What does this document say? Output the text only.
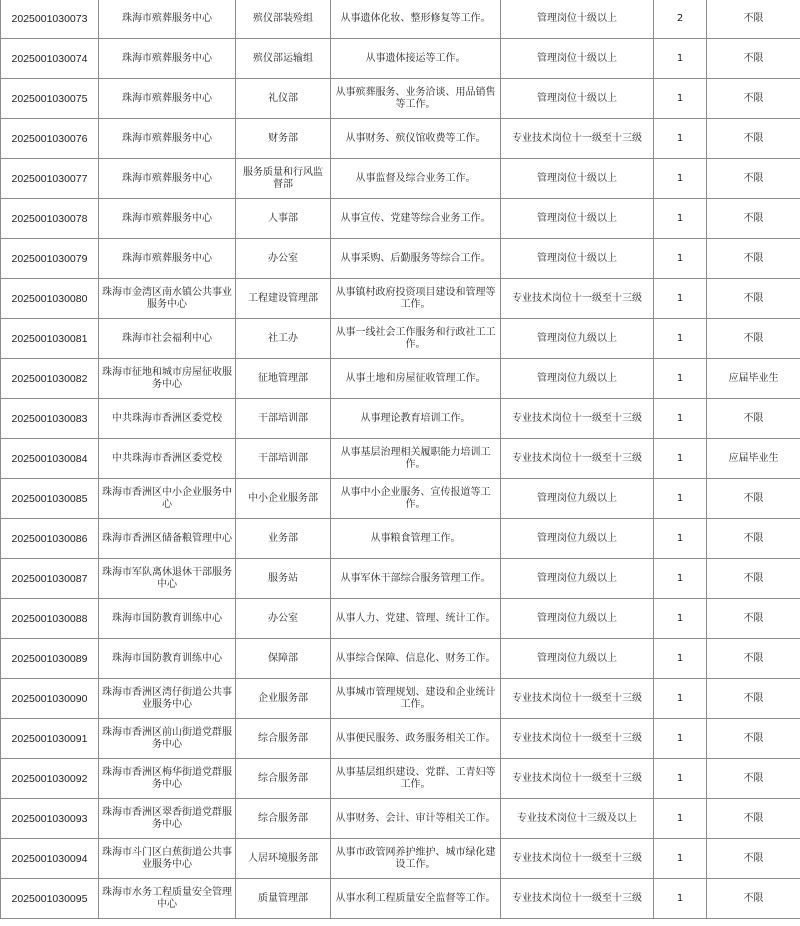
2025001030073	珠海市殡葬服务中心	殡仪部装殓组	从事遗体化妆、整形修复等工作。	管理岗位十级以上	2	不限
2025001030074	珠海市殡葬服务中心	殡仪部运输组	从事遗体接运等工作。	管理岗位十级以上	1	不限
2025001030075	珠海市殡葬服务中心	礼仪部	从事殡葬服务、业务洽谈、用品销售等工作。	管理岗位十级以上	1	不限
2025001030076	珠海市殡葬服务中心	财务部	从事财务、殡仪馆收费等工作。	专业技术岗位十一级至十三级	1	不限
2025001030077	珠海市殡葬服务中心	服务质量和行风监督部	从事监督及综合业务工作。	管理岗位十级以上	1	不限
2025001030078	珠海市殡葬服务中心	人事部	从事宣传、党建等综合业务工作。	管理岗位十级以上	1	不限
2025001030079	珠海市殡葬服务中心	办公室	从事采购、后勤服务等综合工作。	管理岗位十级以上	1	不限
2025001030080	珠海市金湾区南水镇公共事业服务中心	工程建设管理部	从事镇村政府投资项目建设和管理等工作。	专业技术岗位十一级至十三级	1	不限
2025001030081	珠海市社会福利中心	社工办	从事一线社会工作服务和行政社工工作。	管理岗位九级以上	1	不限
2025001030082	珠海市征地和城市房屋征收服务中心	征地管理部	从事土地和房屋征收管理工作。	管理岗位九级以上	1	应届毕业生
2025001030083	中共珠海市香洲区委党校	干部培训部	从事理论教育培训工作。	专业技术岗位十一级至十三级	1	不限
2025001030084	中共珠海市香洲区委党校	干部培训部	从事基层治理相关履职能力培训工作。	专业技术岗位十一级至十三级	1	应届毕业生
2025001030085	珠海市香洲区中小企业服务中心	中小企业服务部	从事中小企业服务、宣传报道等工作。	管理岗位九级以上	1	不限
2025001030086	珠海市香洲区储备粮管理中心	业务部	从事粮食管理工作。	管理岗位九级以上	1	不限
2025001030087	珠海市军队离休退休干部服务中心	服务站	从事军休干部综合服务管理工作。	管理岗位九级以上	1	不限
2025001030088	珠海市国防教育训练中心	办公室	从事人力、党建、管理、统计工作。	管理岗位九级以上	1	不限
2025001030089	珠海市国防教育训练中心	保障部	从事综合保障、信息化、财务工作。	管理岗位九级以上	1	不限
2025001030090	珠海市香洲区湾仔街道公共事业服务中心	企业服务部	从事城市管理规划、建设和企业统计工作。	专业技术岗位十一级至十三级	1	不限
2025001030091	珠海市香洲区前山街道党群服务中心	综合服务部	从事便民服务、政务服务相关工作。	专业技术岗位十一级至十三级	1	不限
2025001030092	珠海市香洲区梅华街道党群服务中心	综合服务部	从事基层组织建设、党群、工青妇等工作。	专业技术岗位十一级至十三级	1	不限
2025001030093	珠海市香洲区翠香街道党群服务中心	综合服务部	从事财务、会计、审计等相关工作。	专业技术岗位十三级及以上	1	不限
2025001030094	珠海市斗门区白蕉街道公共事业服务中心	人居环境服务部	从事市政管网养护维护、城市绿化建设工作。	专业技术岗位十一级至十三级	1	不限
2025001030095	珠海市水务工程质量安全管理中心	质量管理部	从事水利工程质量安全监督等工作。	专业技术岗位十一级至十三级	1	不限
